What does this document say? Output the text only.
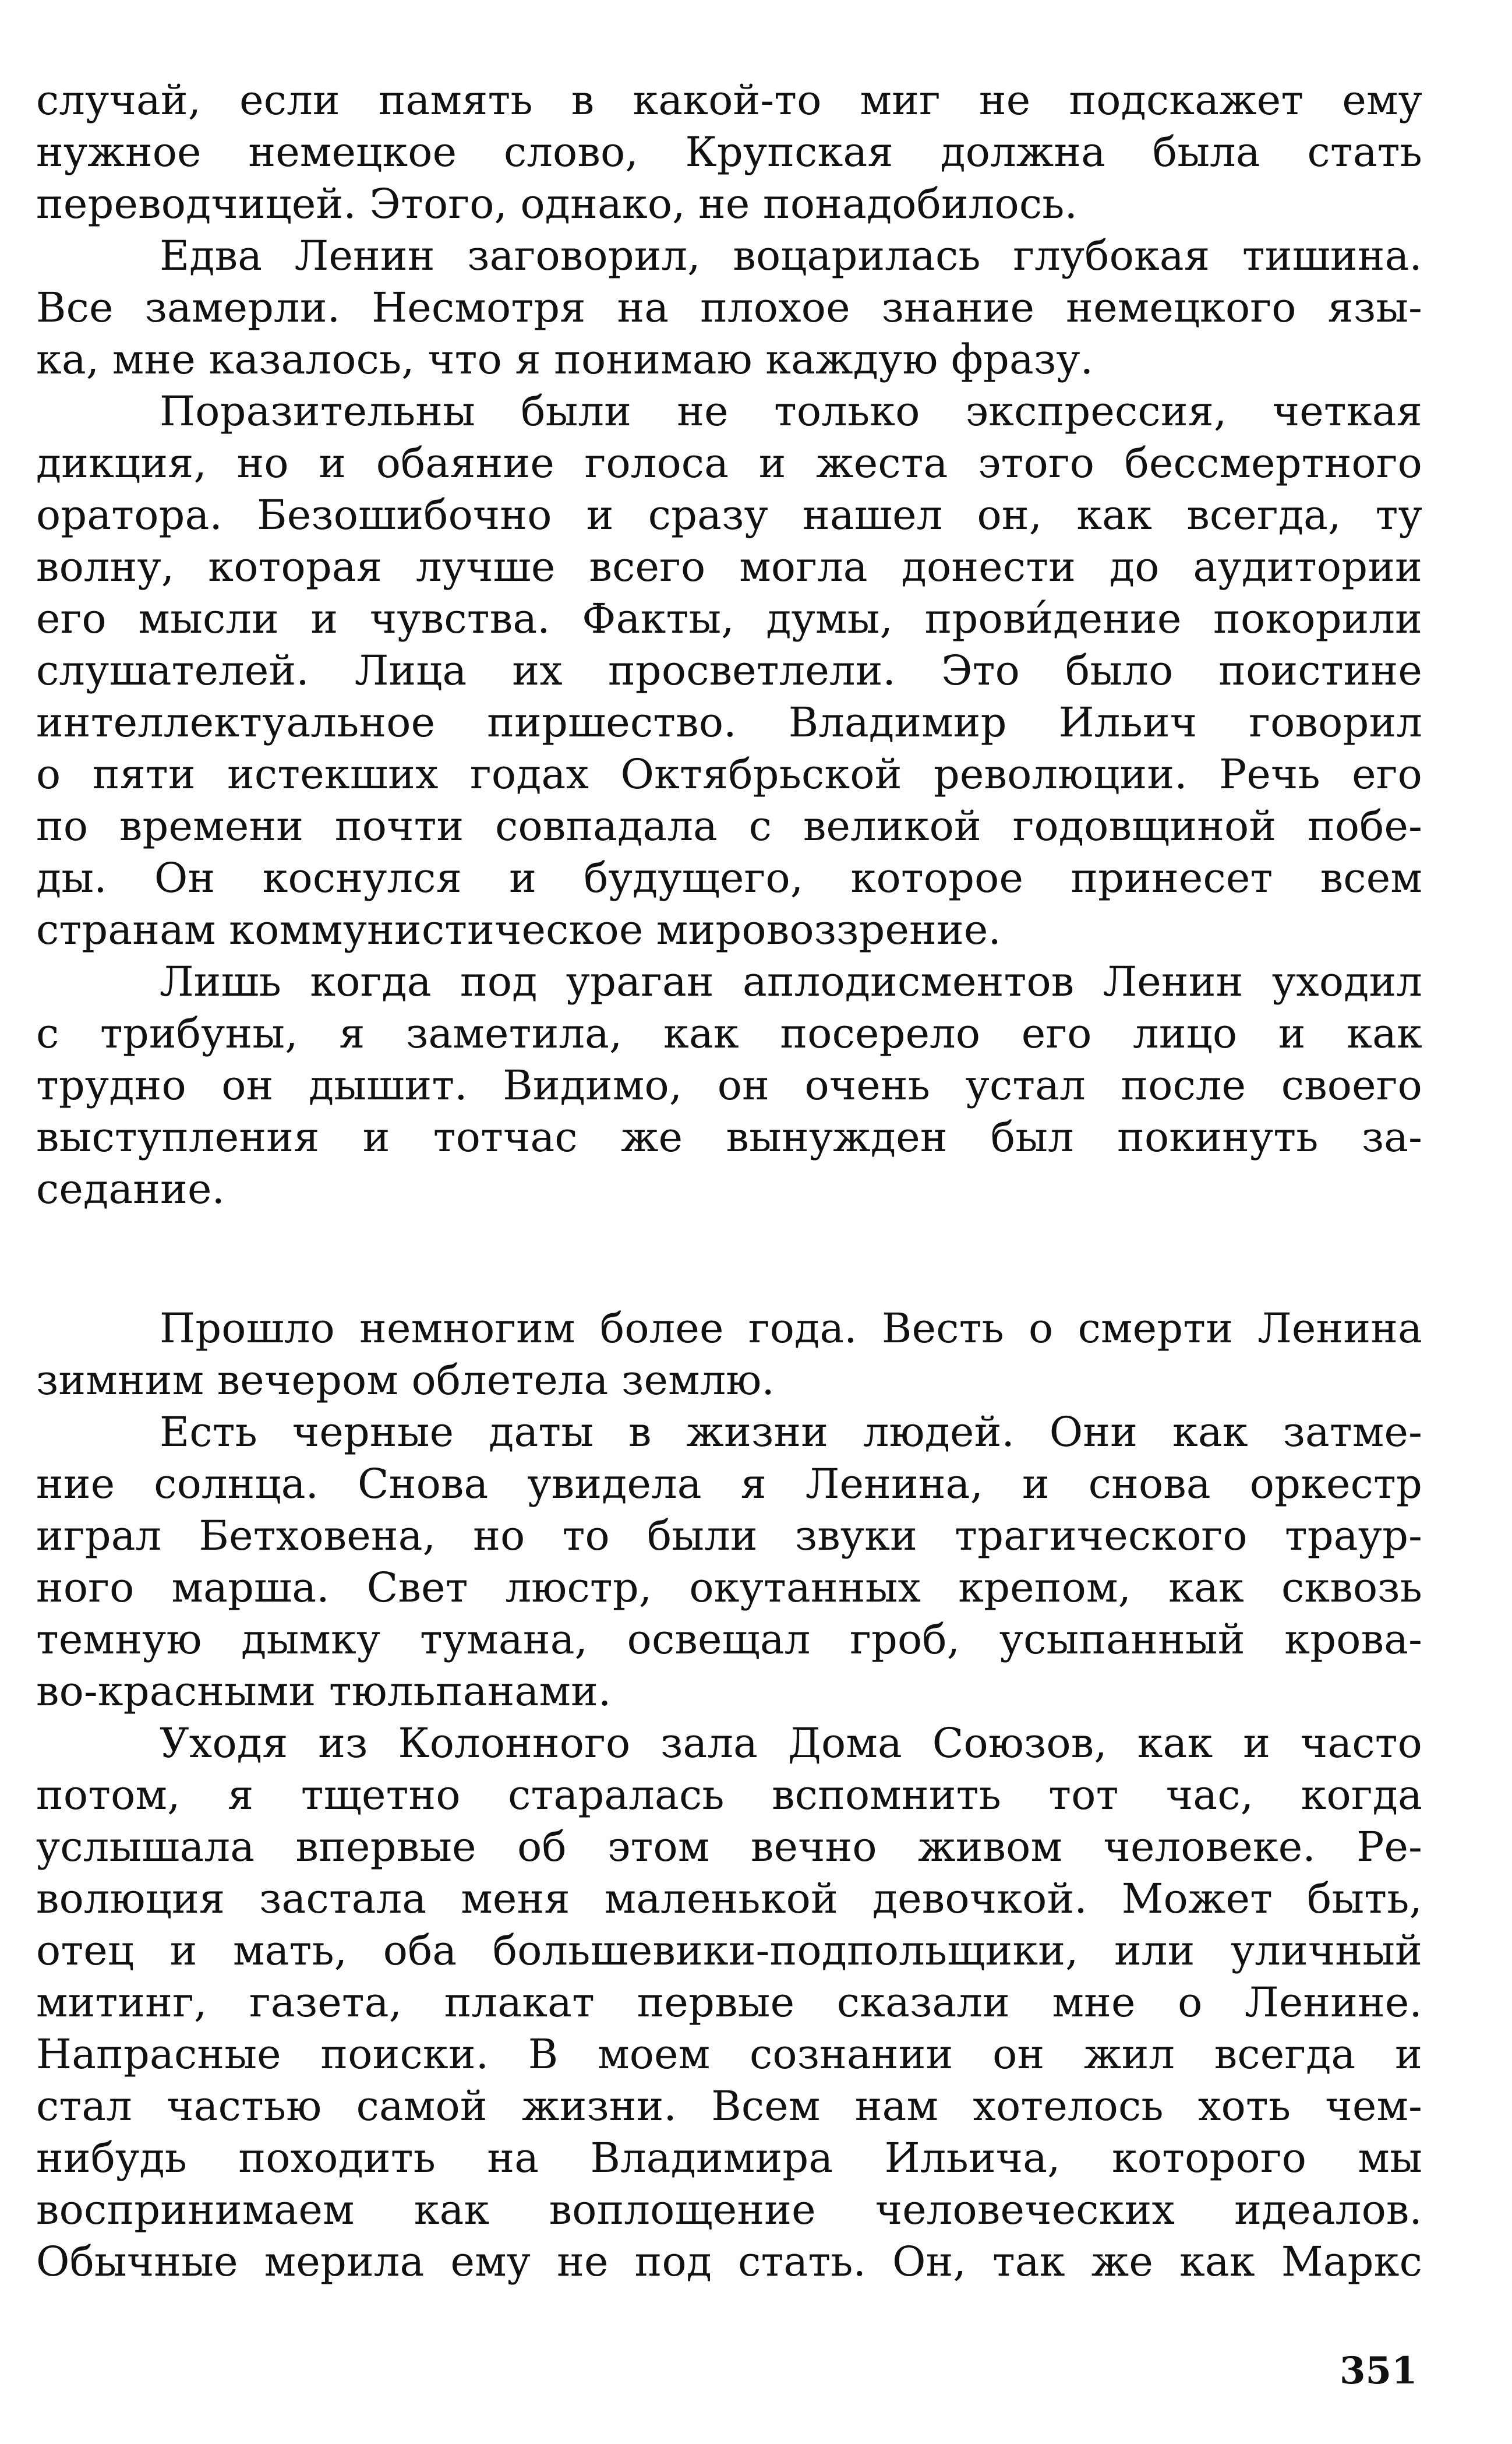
случай, если память в какой-то миг не подскажет ему
нужное немецкое слово, Крупская должна была стать
переводчицей. Этого, однако, не понадобилось.
Едва Ленин заговорил, воцарилась глубокая тишина.
Все замерли. Несмотря на плохое знание немецкого язы-
ка, мне казалось, что я понимаю каждую фразу.
Поразительны были не только экспрессия, четкая
дикция, но и обаяние голоса и жеста этого бессмертного
оратора. Безошибочно и сразу нашел он, как всегда, ту
волну, которая лучше всего могла донести до аудитории
его мысли и чувства. Факты, думы, прови́дение покорили
слушателей. Лица их просветлели. Это было поистине
интеллектуальное пиршество. Владимир Ильич говорил
о пяти истекших годах Октябрьской революции. Речь его
по времени почти совпадала с великой годовщиной побе-
ды. Он коснулся и будущего, которое принесет всем
странам коммунистическое мировоззрение.
Лишь когда под ураган аплодисментов Ленин уходил
с трибуны, я заметила, как посерело его лицо и как
трудно он дышит. Видимо, он очень устал после своего
выступления и тотчас же вынужден был покинуть за-
седание.
Прошло немногим более года. Весть о смерти Ленина
зимним вечером облетела землю.
Есть черные даты в жизни людей. Они как затме-
ние солнца. Снова увидела я Ленина, и снова оркестр
играл Бетховена, но то были звуки трагического траур-
ного марша. Свет люстр, окутанных крепом, как сквозь
темную дымку тумана, освещал гроб, усыпанный крова-
во-красными тюльпанами.
Уходя из Колонного зала Дома Союзов, как и часто
потом, я тщетно старалась вспомнить тот час, когда
услышала впервые об этом вечно живом человеке. Ре-
волюция застала меня маленькой девочкой. Может быть,
отец и мать, оба большевики-подпольщики, или уличный
митинг, газета, плакат первые сказали мне о Ленине.
Напрасные поиски. В моем сознании он жил всегда и
стал частью самой жизни. Всем нам хотелось хоть чем-
нибудь походить на Владимира Ильича, которого мы
воспринимаем как воплощение человеческих идеалов.
Обычные мерила ему не под стать. Он, так же как Маркс
351
